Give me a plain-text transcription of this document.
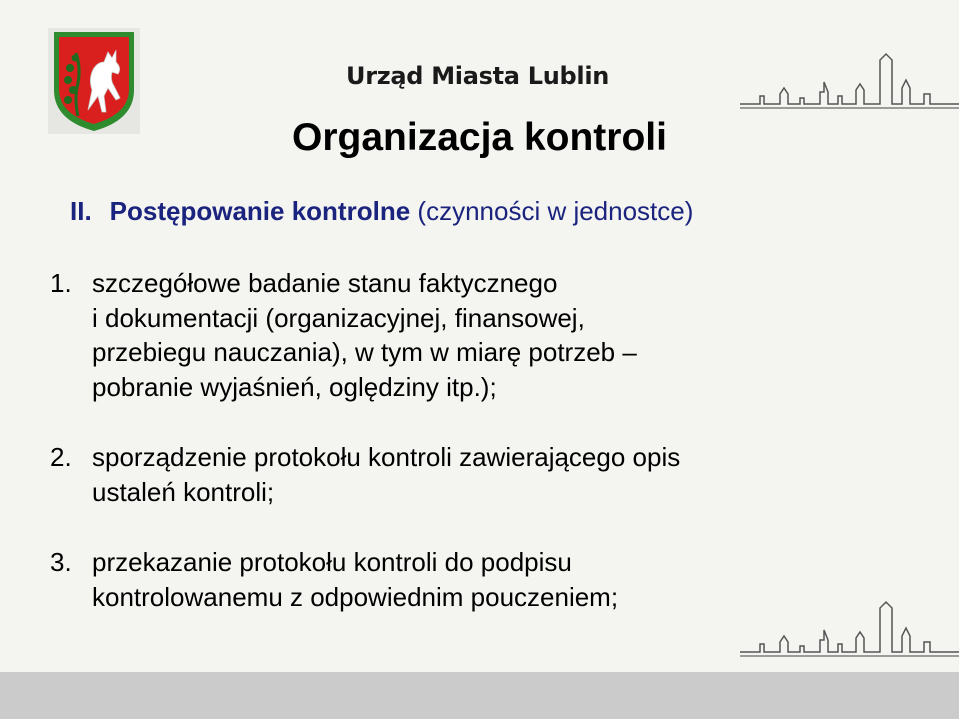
Urząd Miasta Lublin
Organizacja kontroli
II. Postępowanie kontrolne (czynności w jednostce)
1. szczegółowe badanie stanu faktycznego
i dokumentacji (organizacyjnej, finansowej,
przebiegu nauczania), w tym w miarę potrzeb –
pobranie wyjaśnień, oględziny itp.);
2. sporządzenie protokołu kontroli zawierającego opis
ustaleń kontroli;
3. przekazanie protokołu kontroli do podpisu
kontrolowanemu z odpowiednim pouczeniem;
